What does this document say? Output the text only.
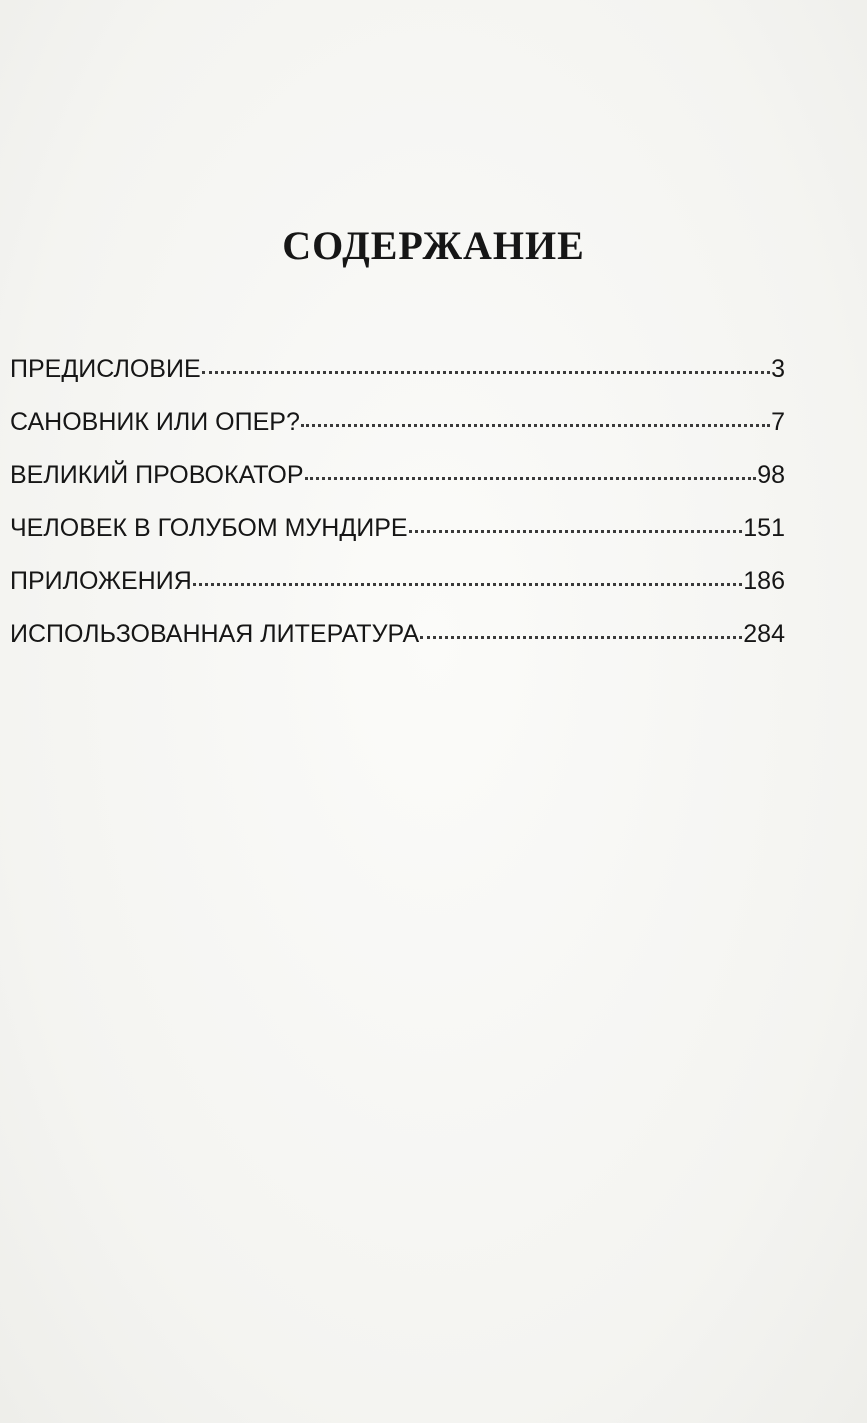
СОДЕРЖАНИЕ
ПРЕДИСЛОВИЕ	3
САНОВНИК ИЛИ ОПЕР?	7
ВЕЛИКИЙ ПРОВОКАТОР	98
ЧЕЛОВЕК В ГОЛУБОМ МУНДИРЕ	151
ПРИЛОЖЕНИЯ	186
ИСПОЛЬЗОВАННАЯ ЛИТЕРАТУРА	284
